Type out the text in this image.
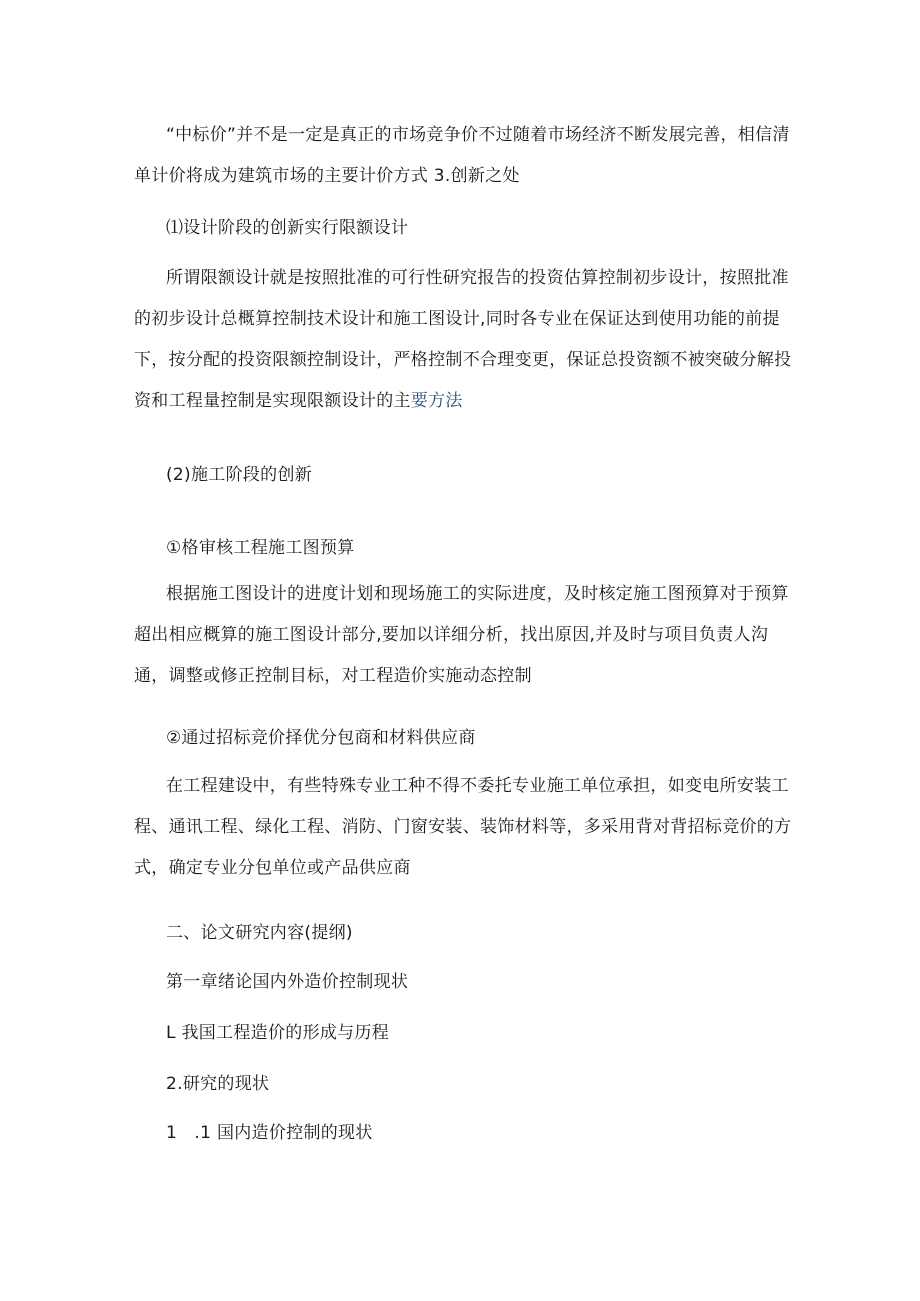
“中标价”并不是一定是真正的市场竞争价不过随着市场经济不断发展完善，相信清单计价将成为建筑市场的主要计价方式 3.创新之处

⑴设计阶段的创新实行限额设计

所谓限额设计就是按照批准的可行性研究报告的投资估算控制初步设计，按照批准的初步设计总概算控制技术设计和施工图设计,同时各专业在保证达到使用功能的前提下，按分配的投资限额控制设计，严格控制不合理变更，保证总投资额不被突破分解投资和工程量控制是实现限额设计的主要方法

(2)施工阶段的创新

①格审核工程施工图预算

根据施工图设计的进度计划和现场施工的实际进度，及时核定施工图预算对于预算超出相应概算的施工图设计部分,要加以详细分析，找出原因,并及时与项目负责人沟通，调整或修正控制目标，对工程造价实施动态控制

②通过招标竞价择优分包商和材料供应商

在工程建设中，有些特殊专业工种不得不委托专业施工单位承担，如变电所安装工程、通讯工程、绿化工程、消防、门窗安装、装饰材料等，多采用背对背招标竞价的方式，确定专业分包单位或产品供应商

二、论文研究内容(提纲)

第一章绪论国内外造价控制现状

L 我国工程造价的形成与历程

2.研究的现状

1　.1 国内造价控制的现状
